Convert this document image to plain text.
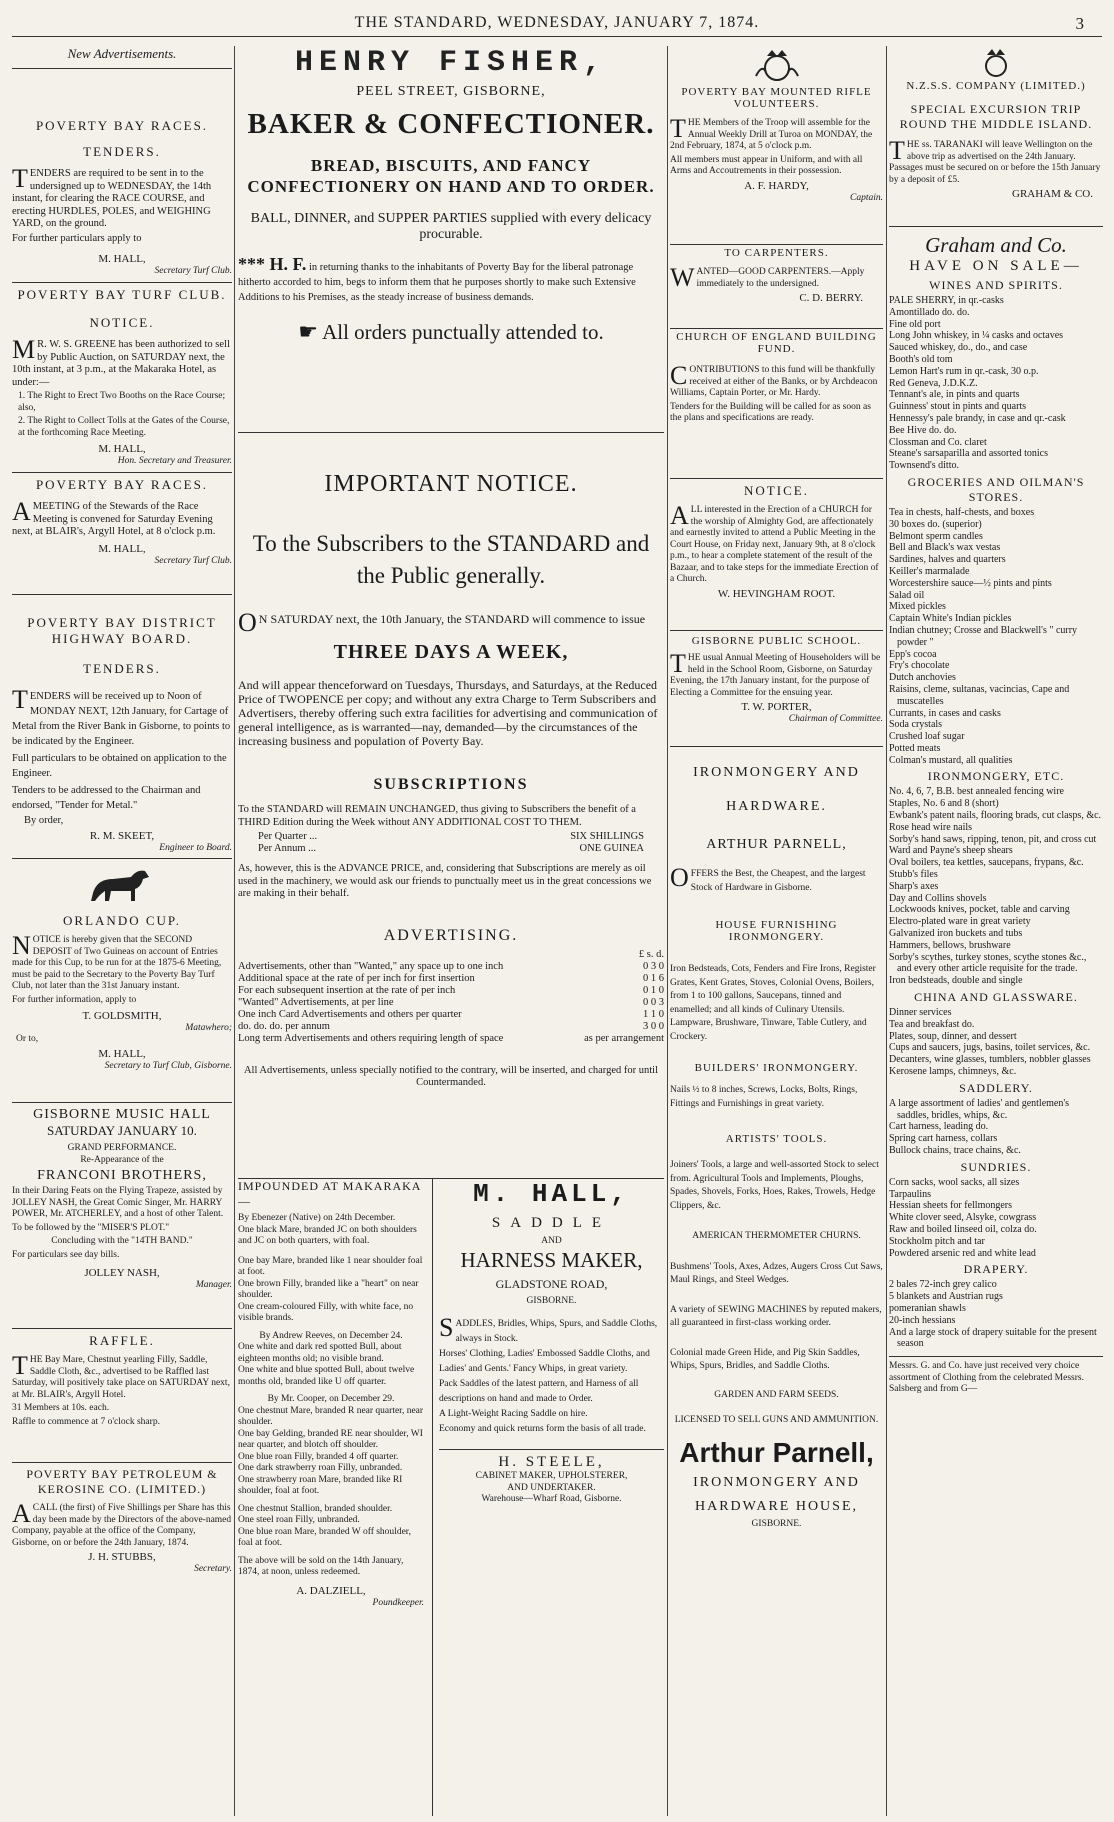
THE STANDARD, WEDNESDAY, JANUARY 7, 1874.	3
New Advertisements.
POVERTY BAY RACES.
TENDERS.

TENDERS are required to be sent in to the undersigned up to WEDNESDAY, the 14th instant, for clearing the RACE COURSE, and erecting HURDLES, POLES, and WEIGHING YARD, on the ground.

For further particulars apply to

M. HALL,
Secretary Turf Club.
POVERTY BAY TURF CLUB.
NOTICE.

MR. W. S. GREENE has been authorized to sell by Public Auction, on SATURDAY next, the 10th instant, at 3 p.m., at the Makaraka Hotel, as under:—

1. The Right to Erect Two Booths on the Race Course; also,

2. The Right to Collect Tolls at the Gates of the Course, at the forthcoming Race Meeting.

M. HALL,
Hon. Secretary and Treasurer.
POVERTY BAY RACES.

AMEETING of the Stewards of the Race Meeting is convened for Saturday Evening next, at BLAIR's, Argyll Hotel, at 8 o'clock p.m.

M. HALL,
Secretary Turf Club.
POVERTY BAY DISTRICT HIGHWAY BOARD.
TENDERS.

TENDERS will be received up to Noon of MONDAY NEXT, 12th January, for Cartage of Metal from the River Bank in Gisborne, to points to be indicated by the Engineer.

Full particulars to be obtained on application to the Engineer.

Tenders to be addressed to the Chairman and endorsed, "Tender for Metal."

By order,

R. M. SKEET,
Engineer to Board.
ORLANDO CUP.

NOTICE is hereby given that the SECOND DEPOSIT of Two Guineas on account of Entries made for this Cup, to be run for at the 1875-6 Meeting, must be paid to the Secretary to the Poverty Bay Turf Club, not later than the 31st January instant.

For further information, apply to

T. GOLDSMITH,
Matawhero;

Or to,

M. HALL,
Secretary to Turf Club, Gisborne.
GISBORNE MUSIC HALL
SATURDAY JANUARY 10.
GRAND PERFORMANCE.
Re-Appearance of the
FRANCONI BROTHERS,

In their Daring Feats on the Flying Trapeze, assisted by JOLLEY NASH, the Great Comic Singer, Mr. HARRY POWER, Mr. ATCHERLEY, and a host of other Talent.

To be followed by the "MISER'S PLOT."

Concluding with the "14TH BAND."

For particulars see day bills.

JOLLEY NASH,
Manager.
RAFFLE.

THE Bay Mare, Chestnut yearling Filly, Saddle, Saddle Cloth, &c., advertised to be Raffled last Saturday, will positively take place on SATURDAY next, at Mr. BLAIR's, Argyll Hotel.

31 Members at 10s. each.

Raffle to commence at 7 o'clock sharp.

POVERTY BAY PETROLEUM & KEROSINE CO. (LIMITED.)

ACALL (the first) of Five Shillings per Share has this day been made by the Directors of the above-named Company, payable at the office of the Company, Gisborne, on or before the 24th January, 1874.

J. H. STUBBS,
Secretary.
HENRY FISHER,
PEEL STREET, GISBORNE,
BAKER & CONFECTIONER.
BREAD, BISCUITS, AND FANCY CONFECTIONERY ON HAND AND TO ORDER.
BALL, DINNER, and SUPPER PARTIES supplied with every delicacy procurable.

*** H. F. in returning thanks to the inhabitants of Poverty Bay for the liberal patronage hitherto accorded to him, begs to inform them that he purposes shortly to make such Extensive Additions to his Premises, as the steady increase of business demands.

☛ All orders punctually attended to.
IMPORTANT NOTICE.
To the Subscribers to the STANDARD and the Public generally.

ON SATURDAY next, the 10th January, the STANDARD will commence to issue

THREE DAYS A WEEK,

And will appear thenceforward on Tuesdays, Thursdays, and Saturdays, at the Reduced Price of TWOPENCE per copy; and without any extra Charge to Term Subscribers and Advertisers, thereby offering such extra facilities for advertising and communication of general intelligence, as is warranted—nay, demanded—by the circumstances of the increasing business and population of Poverty Bay.

SUBSCRIPTIONS

To the STANDARD will REMAIN UNCHANGED, thus giving to Subscribers the benefit of a THIRD Edition during the Week without ANY ADDITIONAL COST TO THEM.

Per Quarter ...	SIX SHILLINGS
Per Annum ...	ONE GUINEA

As, however, this is the ADVANCE PRICE, and, considering that Subscriptions are merely as oil used in the machinery, we would ask our friends to punctually meet us in the great concessions we are making in their behalf.

ADVERTISING.
£ s. d.
Advertisements, other than "Wanted," any space up to one inch	0 3 0
Additional space at the rate of per inch for first insertion	0 1 6
For each subsequent insertion at the rate of per inch	0 1 0
"Wanted" Advertisements, at per line	0 0 3
One inch Card Advertisements and others per quarter	1 1 0
do. do. do. per annum	3 0 0
Long term Advertisements and others requiring length of space	as per arrangement

All Advertisements, unless specially notified to the contrary, will be inserted, and charged for until Countermanded.

IMPOUNDED AT MAKARAKA—

By Ebenezer (Native) on 24th December.

One black Mare, branded JC on both shoulders and JC on both quarters, with foal.

One bay Mare, branded like 1 near shoulder foal at foot.

One brown Filly, branded like a "heart" on near shoulder.

One cream-coloured Filly, with white face, no visible brands.

By Andrew Reeves, on December 24.

One white and dark red spotted Bull, about eighteen months old; no visible brand.

One white and blue spotted Bull, about twelve months old, branded like U off quarter.

By Mr. Cooper, on December 29.

One chestnut Mare, branded R near quarter, near shoulder.

One bay Gelding, branded RE near shoulder, WI near quarter, and blotch off shoulder.

One blue roan Filly, branded 4 off quarter.

One dark strawberry roan Filly, unbranded.

One strawberry roan Mare, branded like RI shoulder, foal at foot.

One chestnut Stallion, branded shoulder.

One steel roan Filly, unbranded.

One blue roan Mare, branded W off shoulder, foal at foot.

The above will be sold on the 14th January, 1874, at noon, unless redeemed.

A. DALZIELL,
Poundkeeper.
M. HALL,
SADDLE
AND
HARNESS MAKER,
GLADSTONE ROAD,
GISBORNE.

SADDLES, Bridles, Whips, Spurs, and Saddle Cloths, always in Stock.

Horses' Clothing, Ladies' Embossed Saddle Cloths, and Ladies' and Gents.' Fancy Whips, in great variety.

Pack Saddles of the latest pattern, and Harness of all descriptions on hand and made to Order.

A Light-Weight Racing Saddle on hire.

Economy and quick returns form the basis of all trade.

H. STEELE,
CABINET MAKER, UPHOLSTERER,
AND UNDERTAKER.
Warehouse—Wharf Road, Gisborne.
POVERTY BAY MOUNTED RIFLE VOLUNTEERS.

THE Members of the Troop will assemble for the Annual Weekly Drill at Turoa on MONDAY, the 2nd February, 1874, at 5 o'clock p.m.

All members must appear in Uniform, and with all Arms and Accoutrements in their possession.

A. F. HARDY,
Captain.
TO CARPENTERS.

WANTED—GOOD CARPENTERS.—Apply immediately to the undersigned.

C. D. BERRY.
CHURCH OF ENGLAND BUILDING FUND.

CONTRIBUTIONS to this fund will be thankfully received at either of the Banks, or by Archdeacon Williams, Captain Porter, or Mr. Hardy.

Tenders for the Building will be called for as soon as the plans and specifications are ready.

NOTICE.

ALL interested in the Erection of a CHURCH for the worship of Almighty God, are affectionately and earnestly invited to attend a Public Meeting in the Court House, on Friday next, January 9th, at 8 o'clock p.m., to hear a complete statement of the result of the Bazaar, and to take steps for the immediate Erection of a Church.

W. HEVINGHAM ROOT.
GISBORNE PUBLIC SCHOOL.

THE usual Annual Meeting of Householders will be held in the School Room, Gisborne, on Saturday Evening, the 17th January instant, for the purpose of Electing a Committee for the ensuing year.

T. W. PORTER,
Chairman of Committee.
IRONMONGERY AND
HARDWARE.
ARTHUR PARNELL,

OFFERS the Best, the Cheapest, and the largest Stock of Hardware in Gisborne.

HOUSE FURNISHING IRONMONGERY.

Iron Bedsteads, Cots, Fenders and Fire Irons, Register Grates, Kent Grates, Stoves, Colonial Ovens, Boilers, from 1 to 100 gallons, Saucepans, tinned and enamelled; and all kinds of Culinary Utensils. Lampware, Brushware, Tinware, Table Cutlery, and Crockery.

BUILDERS' IRONMONGERY.

Nails ½ to 8 inches, Screws, Locks, Bolts, Rings, Fittings and Furnishings in great variety.

ARTISTS' TOOLS.

Joiners' Tools, a large and well-assorted Stock to select from. Agricultural Tools and Implements, Ploughs, Spades, Shovels, Forks, Hoes, Rakes, Trowels, Hedge Clippers, &c.

AMERICAN THERMOMETER CHURNS.

Bushmens' Tools, Axes, Adzes, Augers Cross Cut Saws, Maul Rings, and Steel Wedges.

A variety of SEWING MACHINES by reputed makers, all guaranteed in first-class working order.

Colonial made Green Hide, and Pig Skin Saddles, Whips, Spurs, Bridles, and Saddle Cloths.

GARDEN AND FARM SEEDS.
LICENSED TO SELL GUNS AND AMMUNITION.
Arthur Parnell,
IRONMONGERY AND
HARDWARE HOUSE,
GISBORNE.
N.Z.S.S. COMPANY (LIMITED.)
SPECIAL EXCURSION TRIP
ROUND THE MIDDLE ISLAND.

THE ss. TARANAKI will leave Wellington on the above trip as advertised on the 24th January. Passages must be secured on or before the 15th January by a deposit of £5.

GRAHAM & CO.
Graham and Co.
HAVE ON SALE—
WINES AND SPIRITS.
PALE SHERRY, in qr.-casks
Amontillado do. do.
Fine old port
Long John whiskey, in ¼ casks and octaves
Sauced whiskey, do., do., and case
Booth's old tom
Lemon Hart's rum in qr.-cask, 30 o.p.
Red Geneva, J.D.K.Z.
Tennant's ale, in pints and quarts
Guinness' stout in pints and quarts
Hennessy's pale brandy, in case and qr.-cask
Bee Hive do. do.
Clossman and Co. claret
Steane's sarsaparilla and assorted tonics
Townsend's ditto.
GROCERIES AND OILMAN'S STORES.
Tea in chests, half-chests, and boxes
30 boxes do. (superior)
Belmont sperm candles
Bell and Black's wax vestas
Sardines, halves and quarters
Keiller's marmalade
Worcestershire sauce—½ pints and pints
Salad oil
Mixed pickles
Captain White's Indian pickles
Indian chutney; Crosse and Blackwell's " curry powder "
Epp's cocoa
Fry's chocolate
Dutch anchovies
Raisins, cleme, sultanas, vacincias, Cape and muscatelles
Currants, in cases and casks
Soda crystals
Crushed loaf sugar
Potted meats
Colman's mustard, all qualities
IRONMONGERY, ETC.
No. 4, 6, 7, B.B. best annealed fencing wire
Staples, No. 6 and 8 (short)
Ewbank's patent nails, flooring brads, cut clasps, &c.
Rose head wire nails
Sorby's hand saws, ripping, tenon, pit, and cross cut
Ward and Payne's sheep shears
Oval boilers, tea kettles, saucepans, frypans, &c.
Stubb's files
Sharp's axes
Day and Collins shovels
Lockwoods knives, pocket, table and carving
Electro-plated ware in great variety
Galvanized iron buckets and tubs
Hammers, bellows, brushware
Sorby's scythes, turkey stones, scythe stones &c., and every other article requisite for the trade.
Iron bedsteads, double and single
CHINA AND GLASSWARE.
Dinner services
Tea and breakfast do.
Plates, soup, dinner, and dessert
Cups and saucers, jugs, basins, toilet services, &c.
Decanters, wine glasses, tumblers, nobbler glasses
Kerosene lamps, chimneys, &c.
SADDLERY.
A large assortment of ladies' and gentlemen's saddles, bridles, whips, &c.
Cart harness, leading do.
Spring cart harness, collars
Bullock chains, trace chains, &c.
SUNDRIES.
Corn sacks, wool sacks, all sizes
Tarpaulins
Hessian sheets for fellmongers
White clover seed, Alsyke, cowgrass
Raw and boiled linseed oil, colza do.
Stockholm pitch and tar
Powdered arsenic red and white lead
DRAPERY.
2 bales 72-inch grey calico
5 blankets and Austrian rugs
pomeranian shawls
20-inch hessians
And a large stock of drapery suitable for the present season

Messrs. G. and Co. have just received very choice assortment of Clothing from the celebrated Messrs. Salsberg and from G—
